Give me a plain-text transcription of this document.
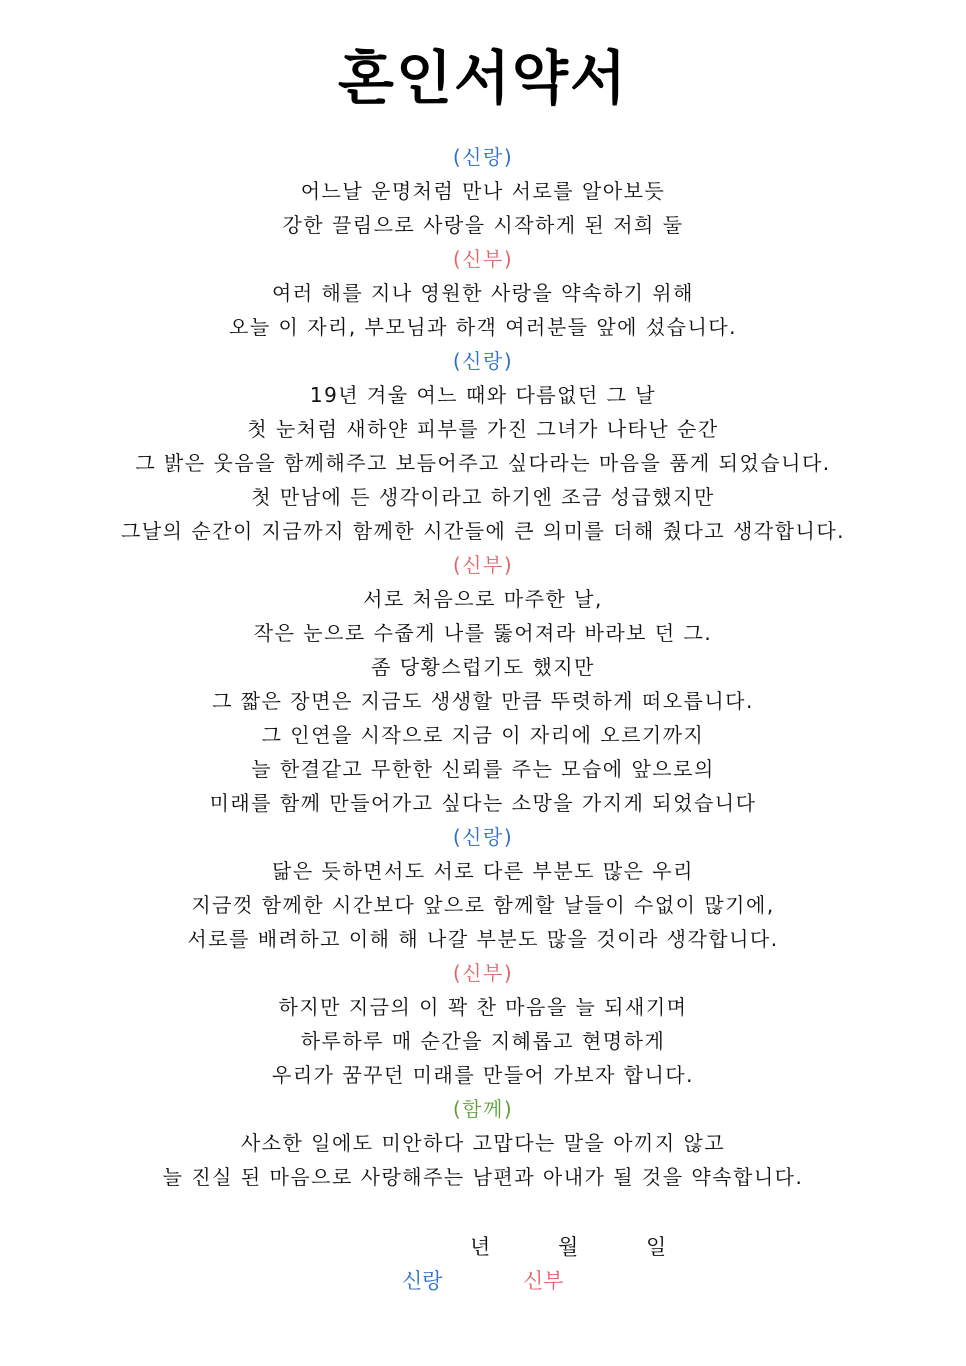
혼인서약서
(신랑)
어느날 운명처럼 만나 서로를 알아보듯
강한 끌림으로 사랑을 시작하게 된 저희 둘
(신부)
여러 해를 지나 영원한 사랑을 약속하기 위해
오늘 이 자리, 부모님과 하객 여러분들 앞에 섰습니다.
(신랑)
19년 겨울 여느 때와 다름없던 그 날
첫 눈처럼 새하얀 피부를 가진 그녀가 나타난 순간
그 밝은 웃음을 함께해주고 보듬어주고 싶다라는 마음을 품게 되었습니다.
첫 만남에 든 생각이라고 하기엔 조금 성급했지만
그날의 순간이 지금까지 함께한 시간들에 큰 의미를 더해 줬다고 생각합니다.
(신부)
서로 처음으로 마주한 날,
작은 눈으로 수줍게 나를 뚫어져라 바라보 던 그.
좀 당황스럽기도 했지만
그 짧은 장면은 지금도 생생할 만큼 뚜렷하게 떠오릅니다.
그 인연을 시작으로 지금 이 자리에 오르기까지
늘 한결같고 무한한 신뢰를 주는 모습에 앞으로의
미래를 함께 만들어가고 싶다는 소망을 가지게 되었습니다
(신랑)
닮은 듯하면서도 서로 다른 부분도 많은 우리
지금껏 함께한 시간보다 앞으로 함께할 날들이 수없이 많기에,
서로를 배려하고 이해 해 나갈 부분도 많을 것이라 생각합니다.
(신부)
하지만 지금의 이 꽉 찬 마음을 늘 되새기며
하루하루 매 순간을 지혜롭고 현명하게
우리가 꿈꾸던 미래를 만들어 가보자 합니다.
(함께)
사소한 일에도 미안하다 고맙다는 말을 아끼지 않고
늘 진실 된 마음으로 사랑해주는 남편과 아내가 될 것을 약속합니다.
년	월	일
신랑	신부
